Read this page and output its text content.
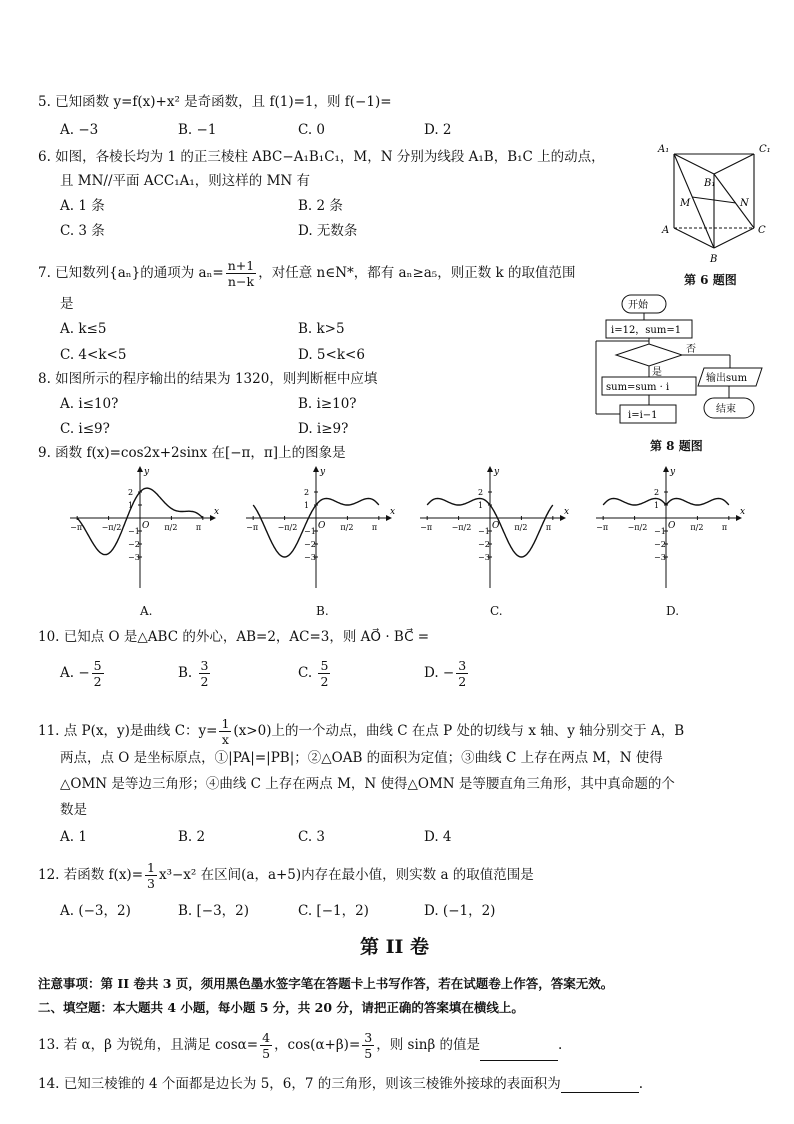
5. 已知函数 y=f(x)+x² 是奇函数，且 f(1)=1，则 f(−1)=
A. −3	B. −1	C. 0	D. 2
6. 如图，各棱长均为 1 的正三棱柱 ABC−A₁B₁C₁，M，N 分别为线段 A₁B，B₁C 上的动点，
且 MN//平面 ACC₁A₁，则这样的 MN 有
A. 1 条	B. 2 条
C. 3 条	D. 无数条
A₁	C₁
B₁
M	N
A	C
B
第 6 题图
7. 已知数列{aₙ}的通项为 $a_n= \frac{n+1}{n-k}$ ，对任意 n∈N*，都有 aₙ≥a₅，则正数 k 的取值范围
是
A. k≤5	B. k>5
C. 4<k<5	D. 5<k<6
8. 如图所示的程序输出的结果为 1320，则判断框中应填
A. i≤10?	B. i≥10?
C. i≤9?	D. i≥9?
开始
i=12，sum=1
否
是
sum=sum · i
i=i−1
输出sum
结束
第 8 题图
9. 函数 f(x)=cos2x+2sinx 在[−π，π]上的图象是
x
y
O
−π −π/2	π/2 π
1
2
−1
−2
−3
x
y
O
−π −π/2	π/2 π
1
2
−1
−2
−3
x
y
O
−π −π/2	π/2 π
1
2
−1
−2
−3
x
y
O
−π −π/2	π/2 π
1
2
−1
−2
−3
A.	B.	C.	D.
10. 已知点 O 是△ABC 的外心，AB=2，AC=3，则 AO⃗ · BC⃗ =
A. − $\frac{5}{2}$	B. $\frac{3}{2}$	C. $\frac{5}{2}$	D. − $\frac{3}{2}$
11. 点 P(x，y)是曲线 C：$y= \frac{1}{x} (x>0)$上的一个动点，曲线 C 在点 P 处的切线与 x 轴、y 轴分别交于 A，B
两点，点 O 是坐标原点，①|PA|=|PB|；②△OAB 的面积为定值；③曲线 C 上存在两点 M，N 使得
△OMN 是等边三角形；④曲线 C 上存在两点 M，N 使得△OMN 是等腰直角三角形，其中真命题的个
数是
A. 1	B. 2	C. 3	D. 4
12. 若函数 $f(x)= \frac{1}{3} x^3-x^2$ 在区间(a，a+5)内存在最小值，则实数 a 的取值范围是
A. (−3，2)	B. [−3，2)	C. [−1，2)	D. (−1，2)
第 II 卷
注意事项：第 II 卷共 3 页，须用黑色墨水签字笔在答题卡上书写作答，若在试题卷上作答，答案无效。
二、填空题：本大题共 4 小题，每小题 5 分，共 20 分，请把正确的答案填在横线上。
13. 若 α，β 为锐角，且满足 $\cos\alpha= \frac{4}{5}$ ，$\cos(\alpha+\beta)= \frac{3}{5}$ ，则 sinβ 的值是	.
14. 已知三棱锥的 4 个面都是边长为 5，6，7 的三角形，则该三棱锥外接球的表面积为	.
